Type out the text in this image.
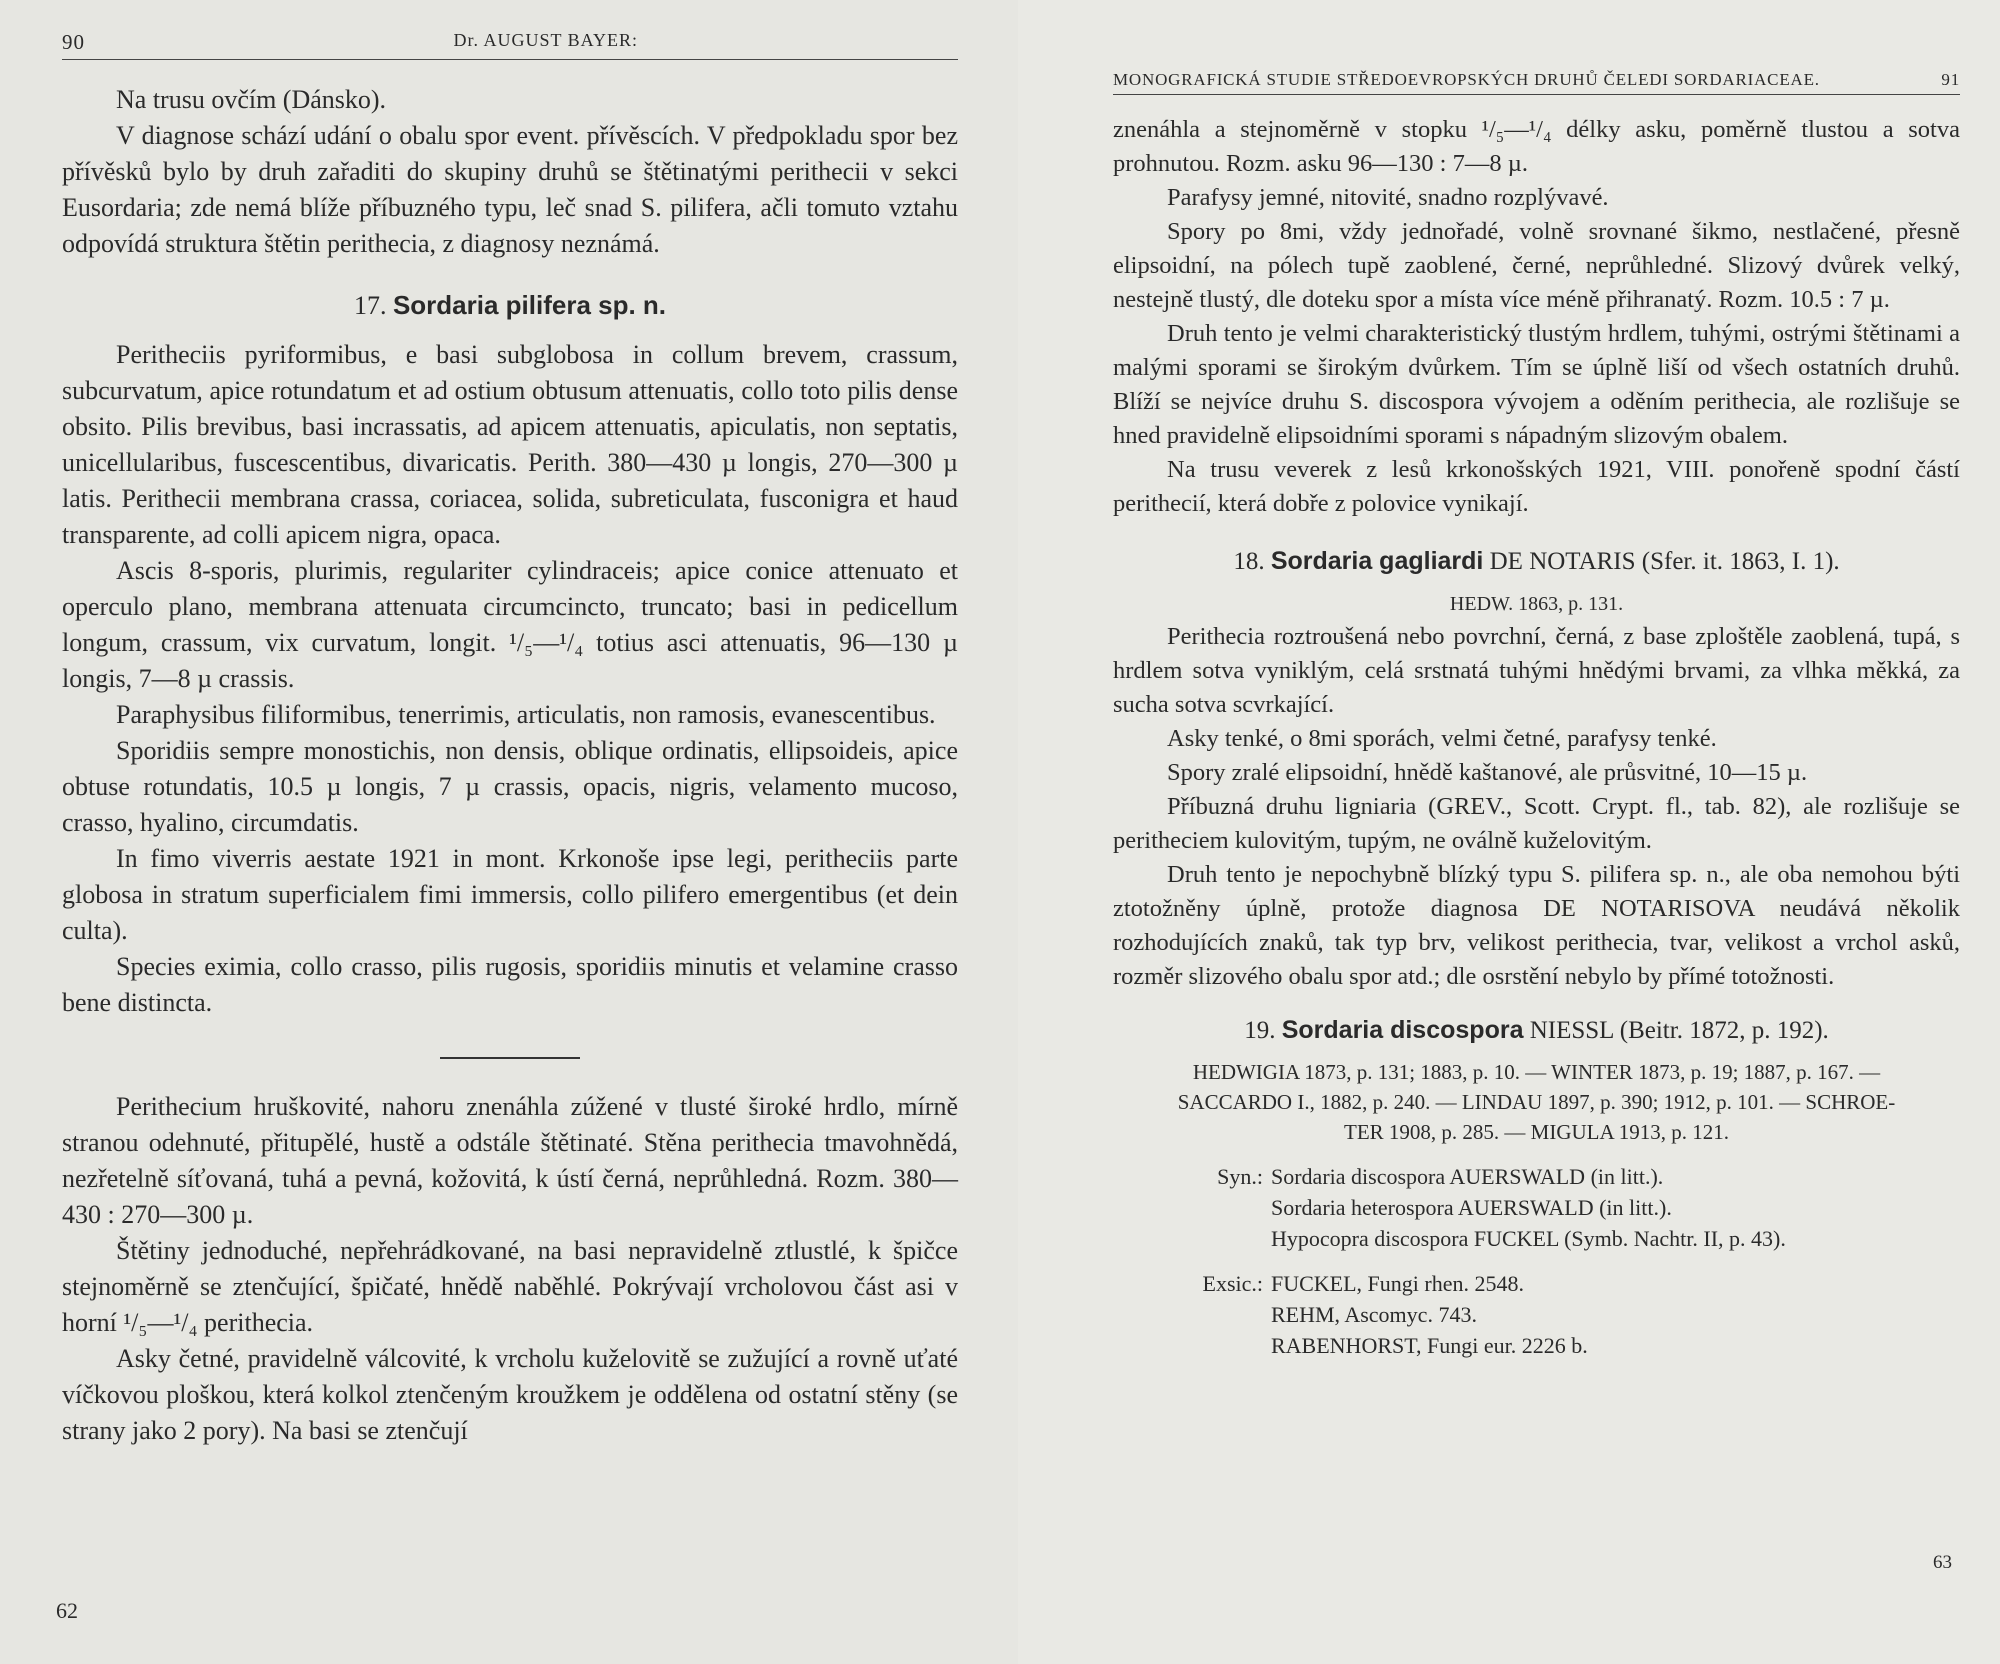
90	Dr. AUGUST BAYER:

Na trusu ovčím (Dánsko).

V diagnose schází udání o obalu spor event. přívěscích. V předpokladu spor bez přívěsků bylo by druh zařaditi do skupiny druhů se štětinatými perithecii v sekci Eusordaria; zde nemá blíže příbuzného typu, leč snad S. pilifera, ačli tomuto vztahu odpovídá struktura štětin perithecia, z diagnosy neznámá.

17. Sordaria pilifera sp. n.

Peritheciis pyriformibus, e basi subglobosa in collum brevem, crassum, subcurvatum, apice rotundatum et ad ostium obtusum attenuatis, collo toto pilis dense obsito. Pilis brevibus, basi incrassatis, ad apicem attenuatis, apiculatis, non septatis, unicellularibus, fuscescentibus, divaricatis. Perith. 380—430 µ longis, 270—300 µ latis. Perithecii membrana crassa, coriacea, solida, subreticulata, fusconigra et haud transparente, ad colli apicem nigra, opaca.

Ascis 8-sporis, plurimis, regulariter cylindraceis; apice conice attenuato et operculo plano, membrana attenuata circumcincto, truncato; basi in pedicellum longum, crassum, vix curvatum, longit. ¹/₅—¹/₄ totius asci attenuatis, 96—130 µ longis, 7—8 µ crassis.

Paraphysibus filiformibus, tenerrimis, articulatis, non ramosis, evanescentibus.

Sporidiis sempre monostichis, non densis, oblique ordinatis, ellipsoideis, apice obtuse rotundatis, 10.5 µ longis, 7 µ crassis, opacis, nigris, velamento mucoso, crasso, hyalino, circumdatis.

In fimo viverris aestate 1921 in mont. Krkonoše ipse legi, peritheciis parte globosa in stratum superficialem fimi immersis, collo pilifero emergentibus (et dein culta).

Species eximia, collo crasso, pilis rugosis, sporidiis minutis et velamine crasso bene distincta.

Perithecium hruškovité, nahoru znenáhla zúžené v tlusté široké hrdlo, mírně stranou odehnuté, přitupělé, hustě a odstále štětinaté. Stěna perithecia tmavohnědá, nezřetelně síťovaná, tuhá a pevná, kožovitá, k ústí černá, neprůhledná. Rozm. 380—430 : 270—300 µ.

Štětiny jednoduché, nepřehrádkované, na basi nepravidelně ztlustlé, k špičce stejnoměrně se ztenčující, špičaté, hnědě naběhlé. Pokrývají vrcholovou část asi v horní ¹/₅—¹/₄ perithecia.

Asky četné, pravidelně válcovité, k vrcholu kuželovitě se zužující a rovně uťaté víčkovou ploškou, která kolkol ztenčeným kroužkem je oddělena od ostatní stěny (se strany jako 2 pory). Na basi se ztenčují

62
MONOGRAFICKÁ STUDIE STŘEDOEVROPSKÝCH DRUHŮ ČELEDI SORDARIACEAE.	91

znenáhla a stejnoměrně v stopku ¹/₅—¹/₄ délky asku, poměrně tlustou a sotva prohnutou. Rozm. asku 96—130 : 7—8 µ.

Parafysy jemné, nitovité, snadno rozplývavé.

Spory po 8mi, vždy jednořadé, volně srovnané šikmo, nestlačené, přesně elipsoidní, na pólech tupě zaoblené, černé, neprůhledné. Slizový dvůrek velký, nestejně tlustý, dle doteku spor a místa více méně přihranatý. Rozm. 10.5 : 7 µ.

Druh tento je velmi charakteristický tlustým hrdlem, tuhými, ostrými štětinami a malými sporami se širokým dvůrkem. Tím se úplně liší od všech ostatních druhů. Blíží se nejvíce druhu S. discospora vývojem a oděním perithecia, ale rozlišuje se hned pravidelně elipsoidními sporami s nápadným slizovým obalem.

Na trusu veverek z lesů krkonošských 1921, VIII. ponořeně spodní částí perithecií, která dobře z polovice vynikají.

18. Sordaria gagliardi DE NOTARIS (Sfer. it. 1863, I. 1).
HEDW. 1863, p. 131.

Perithecia roztroušená nebo povrchní, černá, z base zploštěle zaoblená, tupá, s hrdlem sotva vyniklým, celá srstnatá tuhými hnědými brvami, za vlhka měkká, za sucha sotva scvrkající.

Asky tenké, o 8mi sporách, velmi četné, parafysy tenké.

Spory zralé elipsoidní, hnědě kaštanové, ale průsvitné, 10—15 µ.

Příbuzná druhu ligniaria (GREV., Scott. Crypt. fl., tab. 82), ale rozlišuje se peritheciem kulovitým, tupým, ne oválně kuželovitým.

Druh tento je nepochybně blízký typu S. pilifera sp. n., ale oba nemohou býti ztotožněny úplně, protože diagnosa DE NOTARISOVA neudává několik rozhodujících znaků, tak typ brv, velikost perithecia, tvar, velikost a vrchol asků, rozměr slizového obalu spor atd.; dle osrstění nebylo by přímé totožnosti.

19. Sordaria discospora NIESSL (Beitr. 1872, p. 192).
HEDWIGIA 1873, p. 131; 1883, p. 10. — WINTER 1873, p. 19; 1887, p. 167. —
SACCARDO I., 1882, p. 240. — LINDAU 1897, p. 390; 1912, p. 101. — SCHROE-
TER 1908, p. 285. — MIGULA 1913, p. 121.
Syn.: Sordaria discospora AUERSWALD (in litt.).
Sordaria heterospora AUERSWALD (in litt.).
Hypocopra discospora FUCKEL (Symb. Nachtr. II, p. 43).
Exsic.: FUCKEL, Fungi rhen. 2548.
REHM, Ascomyc. 743.
RABENHORST, Fungi eur. 2226 b.
63
